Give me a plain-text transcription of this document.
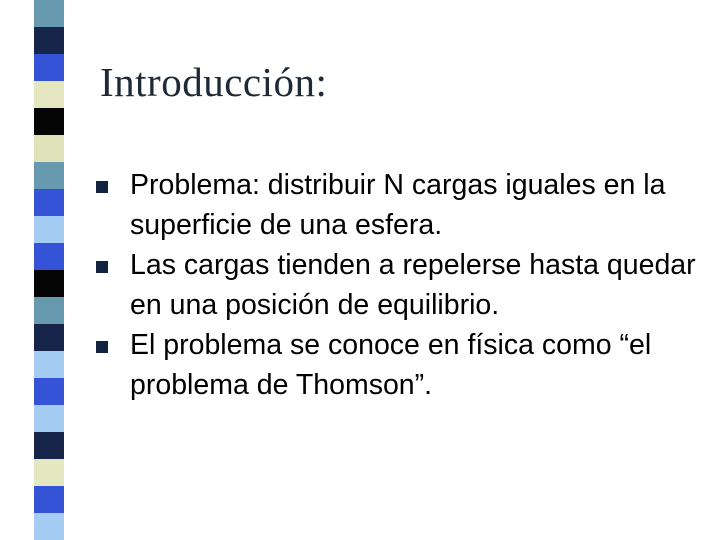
Introducción:
Problema: distribuir N cargas iguales en la superficie de una esfera.
Las cargas tienden a repelerse hasta quedar en una posición de equilibrio.
El problema se conoce en física como “el problema de Thomson”.
